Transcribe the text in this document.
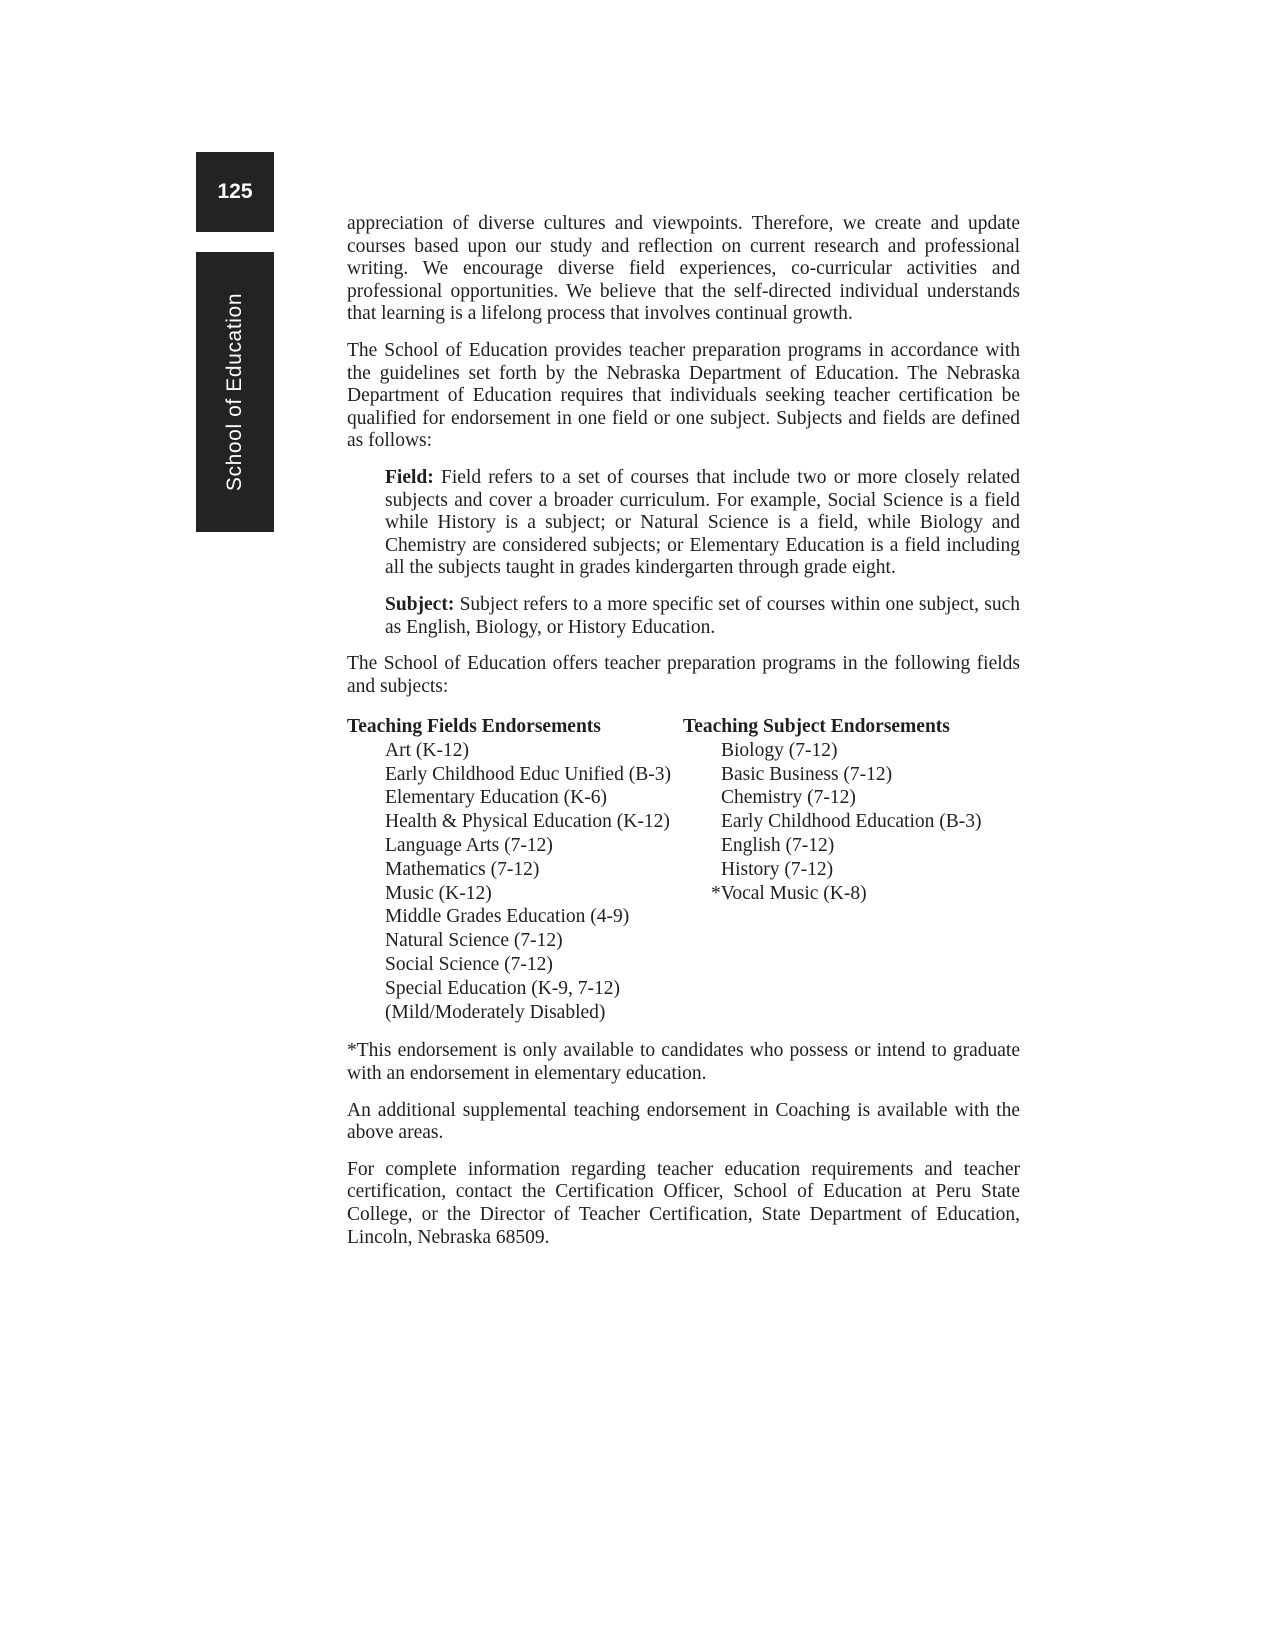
125
School of Education

appreciation of diverse cultures and viewpoints. Therefore, we create and update courses based upon our study and reflection on current research and professional writing. We encourage diverse field experiences, co-curricular activities and professional opportunities. We believe that the self-directed individual understands that learning is a lifelong process that involves continual growth.

The School of Education provides teacher preparation programs in accordance with the guidelines set forth by the Nebraska Department of Education. The Nebraska Department of Education requires that individuals seeking teacher certification be qualified for endorsement in one field or one subject. Subjects and fields are defined as follows:

Field: Field refers to a set of courses that include two or more closely related subjects and cover a broader curriculum. For example, Social Science is a field while History is a subject; or Natural Science is a field, while Biology and Chemistry are considered subjects; or Elementary Education is a field including all the subjects taught in grades kindergarten through grade eight.

Subject: Subject refers to a more specific set of courses within one subject, such as English, Biology, or History Education.

The School of Education offers teacher preparation programs in the following fields and subjects:

Teaching Fields Endorsements
Art (K-12)
Early Childhood Educ Unified (B-3)
Elementary Education (K-6)
Health & Physical Education (K-12)
Language Arts (7-12)
Mathematics (7-12)
Music (K-12)
Middle Grades Education (4-9)
Natural Science (7-12)
Social Science (7-12)
Special Education (K-9, 7-12)
(Mild/Moderately Disabled)
Teaching Subject Endorsements
Biology (7-12)
Basic Business (7-12)
Chemistry (7-12)
Early Childhood Education (B-3)
English (7-12)
History (7-12)
*Vocal Music (K-8)

*This endorsement is only available to candidates who possess or intend to graduate with an endorsement in elementary education.

An additional supplemental teaching endorsement in Coaching is available with the above areas.

For complete information regarding teacher education requirements and teacher certification, contact the Certification Officer, School of Education at Peru State College, or the Director of Teacher Certification, State Department of Education, Lincoln, Nebraska 68509.
